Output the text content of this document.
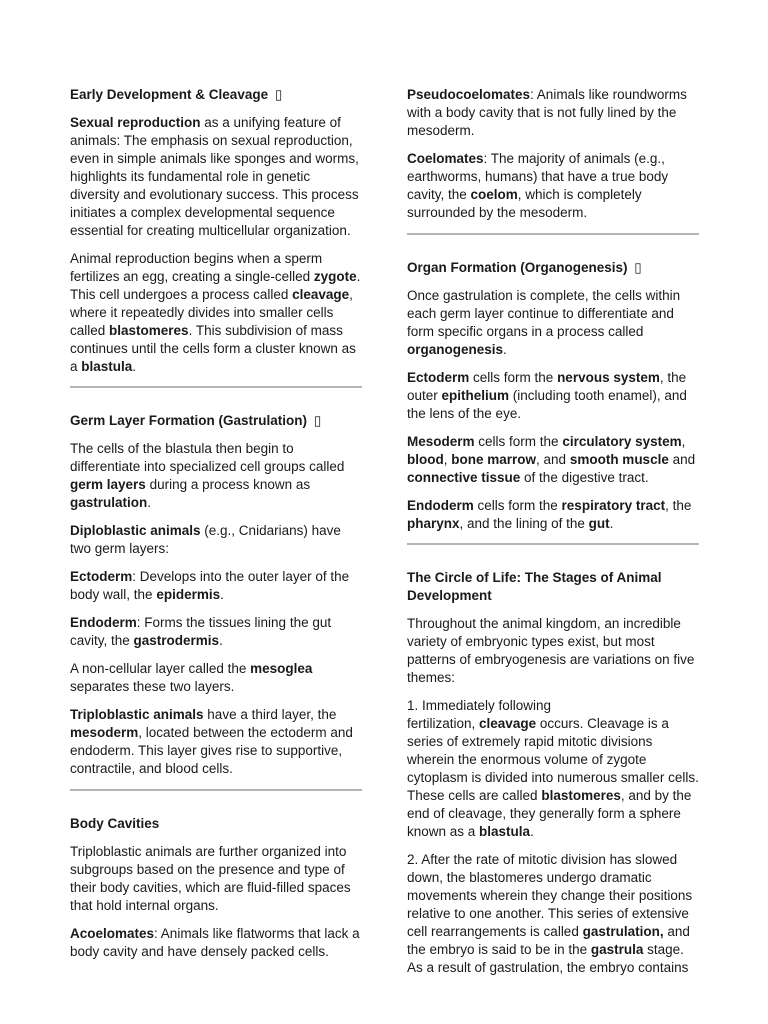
Early Development & Cleavage ▯

Sexual reproduction as a unifying feature of animals: The emphasis on sexual reproduction, even in simple animals like sponges and worms, highlights its fundamental role in genetic diversity and evolutionary success. This process initiates a complex developmental sequence essential for creating multicellular organization.

Animal reproduction begins when a sperm fertilizes an egg, creating a single-celled zygote. This cell undergoes a process called cleavage, where it repeatedly divides into smaller cells called blastomeres. This subdivision of mass continues until the cells form a cluster known as a blastula.

Germ Layer Formation (Gastrulation) ▯

The cells of the blastula then begin to differentiate into specialized cell groups called germ layers during a process known as gastrulation.

Diploblastic animals (e.g., Cnidarians) have two germ layers:

Ectoderm: Develops into the outer layer of the body wall, the epidermis.

Endoderm: Forms the tissues lining the gut cavity, the gastrodermis.

A non-cellular layer called the mesoglea separates these two layers.

Triploblastic animals have a third layer, the mesoderm, located between the ectoderm and endoderm. This layer gives rise to supportive, contractile, and blood cells.

Body Cavities

Triploblastic animals are further organized into subgroups based on the presence and type of their body cavities, which are fluid-filled spaces that hold internal organs.

Acoelomates: Animals like flatworms that lack a body cavity and have densely packed cells.

Pseudocoelomates: Animals like roundworms with a body cavity that is not fully lined by the mesoderm.

Coelomates: The majority of animals (e.g., earthworms, humans) that have a true body cavity, the coelom, which is completely surrounded by the mesoderm.

Organ Formation (Organogenesis) ▯

Once gastrulation is complete, the cells within each germ layer continue to differentiate and form specific organs in a process called organogenesis.

Ectoderm cells form the nervous system, the outer epithelium (including tooth enamel), and the lens of the eye.

Mesoderm cells form the circulatory system, blood, bone marrow, and smooth muscle and connective tissue of the digestive tract.

Endoderm cells form the respiratory tract, the pharynx, and the lining of the gut.

The Circle of Life: The Stages of Animal Development

Throughout the animal kingdom, an incredible variety of embryonic types exist, but most patterns of embryogenesis are variations on five themes:

1. Immediately following
fertilization, cleavage occurs. Cleavage is a series of extremely rapid mitotic divisions wherein the enormous volume of zygote cytoplasm is divided into numerous smaller cells. These cells are called blastomeres, and by the end of cleavage, they generally form a sphere known as a blastula.

2. After the rate of mitotic division has slowed down, the blastomeres undergo dramatic movements wherein they change their positions relative to one another. This series of extensive cell rearrangements is called gastrulation, and the embryo is said to be in the gastrula stage. As a result of gastrulation, the embryo contains
